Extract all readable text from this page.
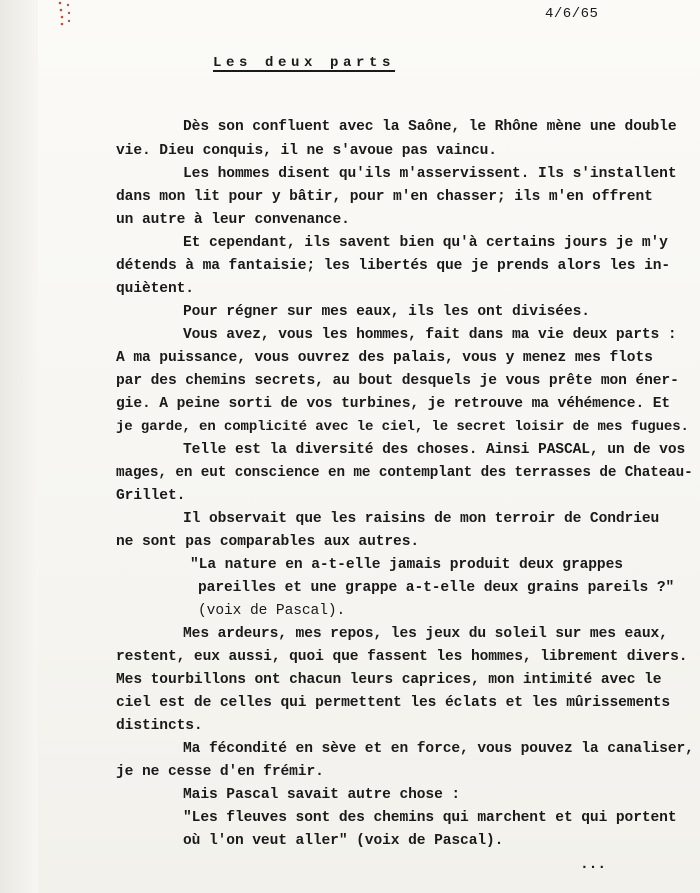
4/6/65
Les deux parts
Dès son confluent avec la Saône, le Rhône mène une double
vie. Dieu conquis, il ne s'avoue pas vaincu.
Les hommes disent qu'ils m'asservissent. Ils s'installent
dans mon lit pour y bâtir, pour m'en chasser; ils m'en offrent
un autre à leur convenance.
Et cependant, ils savent bien qu'à certains jours je m'y
détends à ma fantaisie; les libertés que je prends alors les in-
quiètent.
Pour régner sur mes eaux, ils les ont divisées.
Vous avez, vous les hommes, fait dans ma vie deux parts :
A ma puissance, vous ouvrez des palais, vous y menez mes flots
par des chemins secrets, au bout desquels je vous prête mon éner-
gie. A peine sorti de vos turbines, je retrouve ma véhémence. Et
je garde, en complicité avec le ciel, le secret loisir de mes fugues.
Telle est la diversité des choses. Ainsi PASCAL, un de vos
mages, en eut conscience en me contemplant des terrasses de Chateau-
Grillet.
Il observait que les raisins de mon terroir de Condrieu
ne sont pas comparables aux autres.
"La nature en a-t-elle jamais produit deux grappes
pareilles et une grappe a-t-elle deux grains pareils ?"
(voix de Pascal).
Mes ardeurs, mes repos, les jeux du soleil sur mes eaux,
restent, eux aussi, quoi que fassent les hommes, librement divers.
Mes tourbillons ont chacun leurs caprices, mon intimité avec le
ciel est de celles qui permettent les éclats et les mûrissements
distincts.
Ma fécondité en sève et en force, vous pouvez la canaliser,
je ne cesse d'en frémir.
Mais Pascal savait autre chose :
"Les fleuves sont des chemins qui marchent et qui portent
où l'on veut aller" (voix de Pascal).
...
